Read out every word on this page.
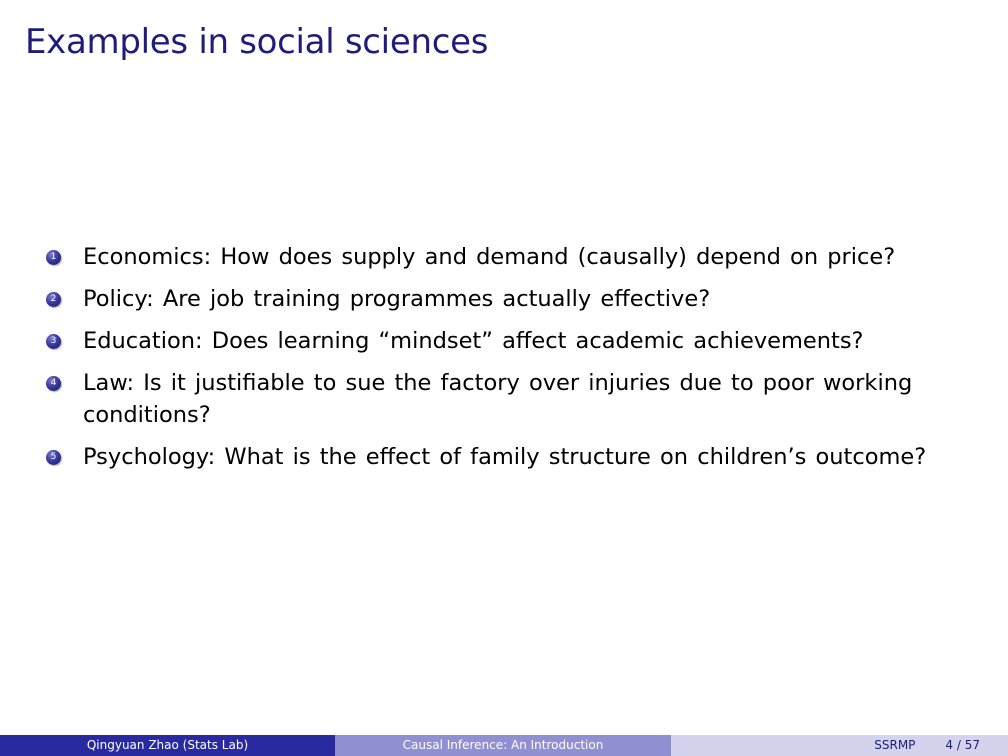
Examples in social sciences
1 Economics: How does supply and demand (causally) depend on price?
2 Policy: Are job training programmes actually effective?
3 Education: Does learning “mindset” affect academic achievements?
4 Law: Is it justifiable to sue the factory over injuries due to poor working conditions?
5 Psychology: What is the effect of family structure on children’s outcome?
Qingyuan Zhao (Stats Lab)	Causal Inference: An Introduction	SSRMP	4 / 57
